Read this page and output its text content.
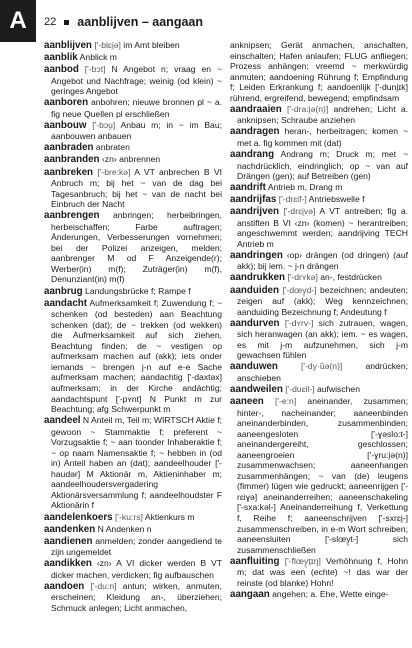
A 22 aanblijven – aangaan

aanblijven ['-blɛi̯ə] im Amt bleiben

aanblik Anblick m

aanbod ['-bɔt] N Angebot n; vraag en ~ Angebot und Nachfrage; weinig (od klein) ~ geringes Angebot

aanboren anbohren; nieuwe bronnen pl ~ a. fig neue Quellen pl erschließen

aanbouw ['-bɔu̯] Anbau m; in ~ im Bau; aanbouwen anbauen

aanbraden anbraten

aanbranden ‹zn› anbrennen

aanbreken ['-bre:kə] A VT anbrechen B VI Anbruch m; bij het ~ van de dag bei Tagesanbruch; bij het ~ van de nacht bei Einbruch der Nacht

aanbrengen anbringen; herbeibringen, herbeischaffen; Farbe auftragen; Änderungen, Verbesserungen vornehmen; bei der Polizei anzeigen, melden; aanbrenger M od F Anzeigende(r); Werber(in) m(f); Zuträger(in) m(f), Denunziant(in) m(f)

aanbrug Landungsbrücke f; Rampe f

aandacht Aufmerksamkeit f; Zuwendung f; ~ schenken (od besteden) aan Beachtung schenken (dat); de ~ trekken (od wekken) die Aufmerksamkeit auf sich ziehen, Beachtung finden; de ~ vestigen op aufmerksam machen auf (akk); iets onder iemands ~ brengen j-n auf e-e Sache aufmerksam machen; aandachtig ['-daxtəx] aufmerksam; in der Kirche andächtig; aandachtspunt ['-pʏnt] N Punkt m zur Beachtung; afg Schwerpunkt m

aandeel N Anteil m, Teil m; WIRTSCH Aktie f; gewoon ~ Stammaktie f; preferent ~ Vorzugsaktie f; ~ aan toonder Inhaberaktie f; ~ op naam Namensaktie f; ~ hebben in (od in) Anteil haben an (dat); aandeelhouder ['-haudər] M Aktionär m, Aktieninhaber m; aandeelhoudersvergadering Aktionärsversammlung f; aandeelhoudster F Aktionärin f

aandelenkoers ['-ku:rs] Aktienkurs m

aandenken N Andenken n

aandienen anmelden; zonder aangediend te zijn ungemeldet

aandikken ‹zn› A VI dicker werden B VT dicker machen, verdicken; fig aufbauschen

aandoen ['-du:n] antun; wirken, anmuten, erscheinen; Kleidung an-, überziehen; Schmuck anlegen; Licht anmachen,

anknipsen; Gerät anmachen, anschalten, einschalten; Hafen anlaufen; FLUG anfliegen; Prozess anhängen; vreemd ~ merkwürdig anmuten; aandoening Rührung f; Empfindung f; Leiden Erkrankung f; aandoenlijk ['-duni̯ɪk] rührend, ergreifend, bewegend; empfindsam

aandraaien ['-dra:i̯ə(n)] andrehen; Licht a. anknipsen; Schraube anziehen

aandragen heran-, herbeitragen; komen ~ met a. fig kommen mit (dat)

aandrang Andrang m; Druck m; met ~ nachdrücklich, eindringlich; op ~ van auf Drängen (gen); auf Betreiben (gen)

aandrift Antrieb m, Drang m

aandrijfas ['-drɛif-] Antriebswelle f

aandrijven ['-drɛi̯və] A VT antreiben; fig a. anstiften B VI ‹zn› (komen) ~ herantreiben; angeschwemmt werden; aandrijving TECH Antrieb m

aandringen ‹op› drängen (od dringen) (auf akk); bij iem. ~ j-n drängen

aandrukken ['-drʏkə] an-, festdrücken

aanduiden ['-dœy̯d-] bezeichnen; andeuten; zeigen auf (akk); Weg kennzeichnen; aanduiding Bezeichnung f; Andeutung f

aandurven ['-dʏrv-] sich zutrauen, wagen, sich heranwagen (an akk); iem. ~ es wagen, es mit j-m aufzunehmen, sich j-m gewachsen fühlen

aanduwen	['-dy·ŭə(n)] andrücken; anschieben

aandweilen ['-dʋɛil-] aufwischen

aaneen ['-e:n] aneinander, zusammen; hinter-, nacheinander; aaneenbinden aneinanderbinden, zusammenbinden; aaneengesloten ['-ɣəslo:t-] aneinandergereiht, geschlossen; aaneengroeien ['-ɣru:i̯ə(n)] zusammenwachsen; aaneenhangen zusammenhängen; ~ van (de) leugens (fimmer) lügen wie gedruckt; aaneenrijgen ['-rɛiɣə] aneinanderreihen; aaneenschakeling ['-sxa:kəl-] Aneinanderreihung f, Verkettung f, Reihe f; aaneenschrijven ['-sxrɛi̯-] zusammenschreiben, in e-m Wort schreiben; aaneensluiten ['-slœy̯t-] sich zusammenschließen

aanfluiting ['-flœy̯t̯ɪŋ] Verhöhnung f, Hohn m; dat was een (echte) ~! das war der reinste (od blanke) Hohn!

aangaan angehen; a. Ehe, Wette einge-
